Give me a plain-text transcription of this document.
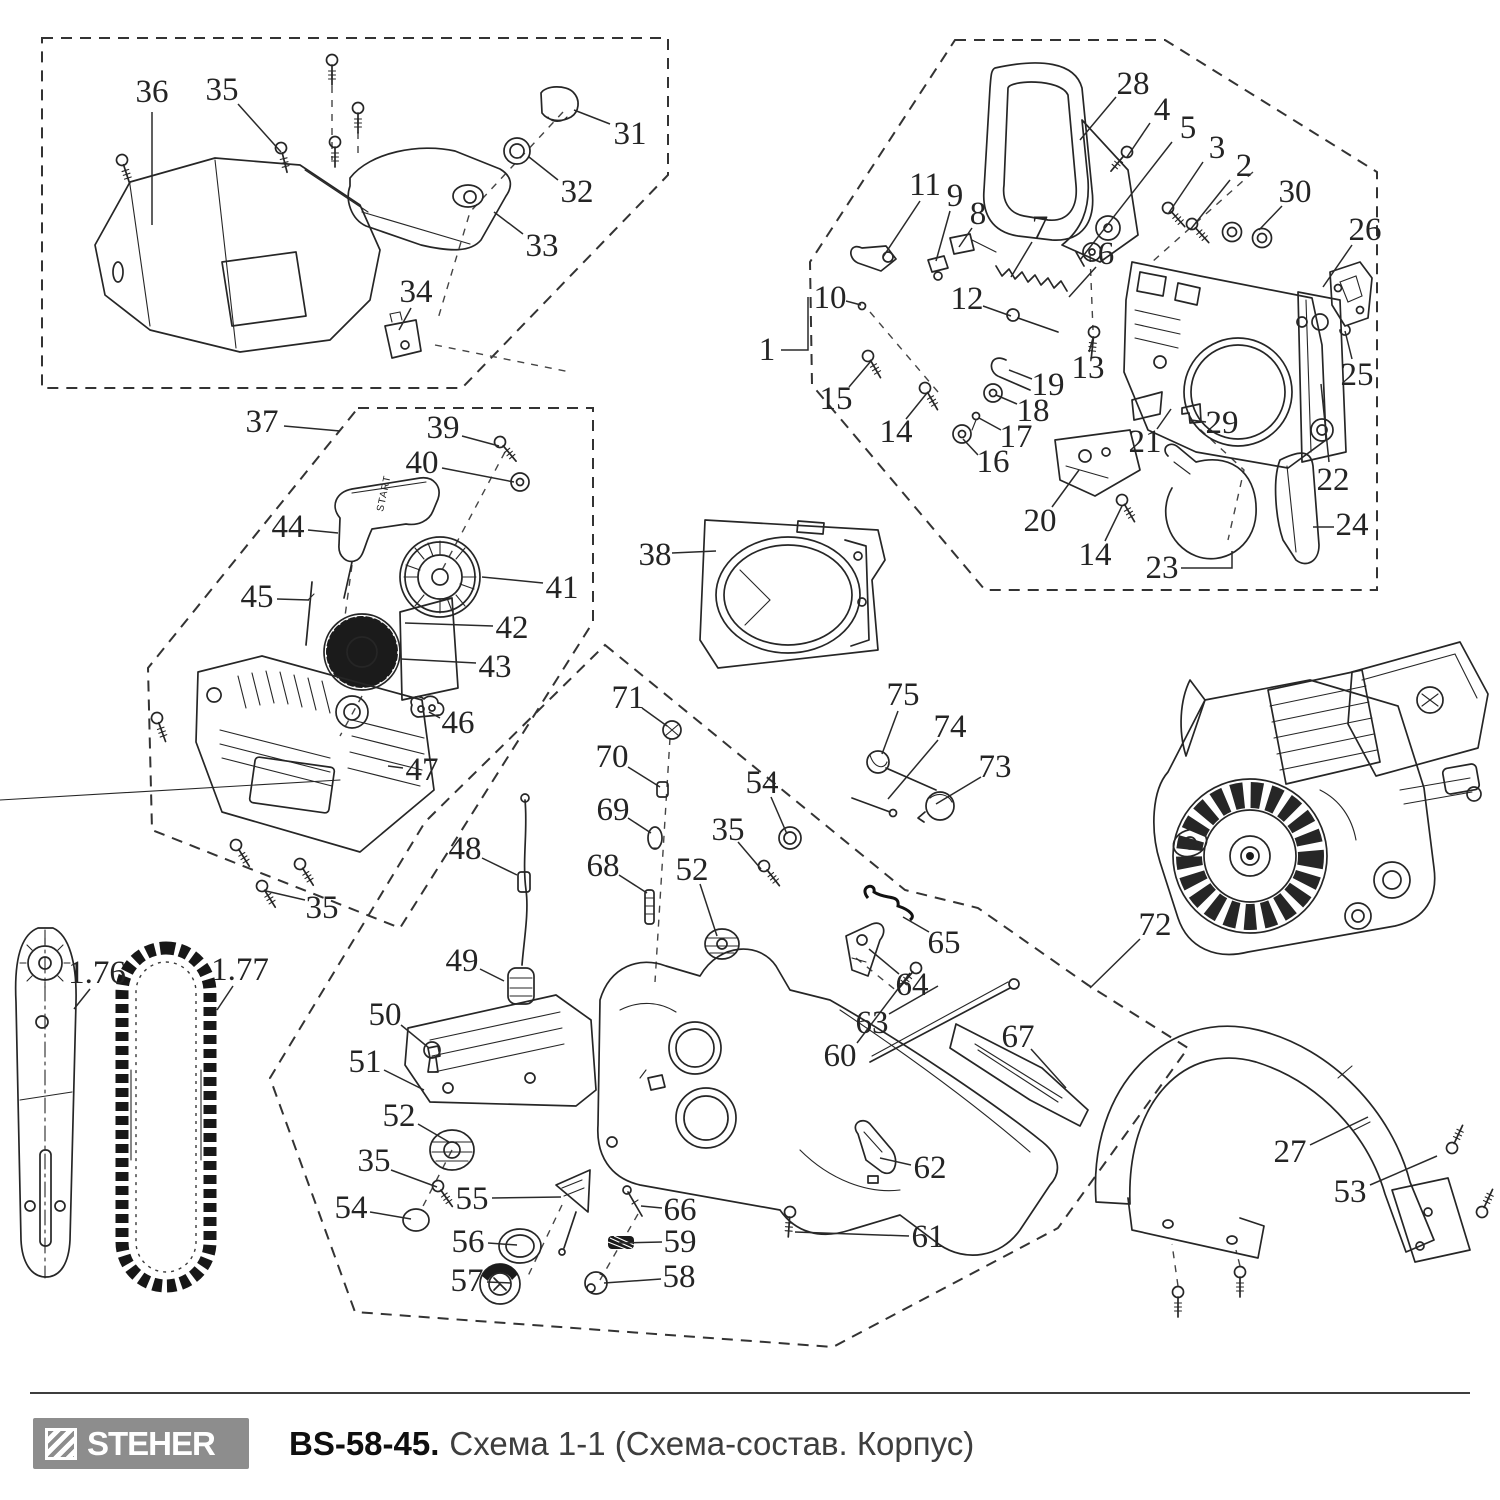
START
36 35
31
32
33
34
28
4 5
3 2
30
26
11 9 8 7
6
10	12
13
15
14
19
18
17
16
29
21
20
14
25
22
24
23
1
37	39
40
44
45	41
42
43
46
47
35
38
71
70
69
68
48
49
75
74
73
54
35
52
50
51
52
35
54	55
56
57
66
59
58
60
63
64
65
67
62
61
72
1.76	1.77
27
53
STEHER BS-58-45. Схема 1-1 (Схема-состав. Корпус)
